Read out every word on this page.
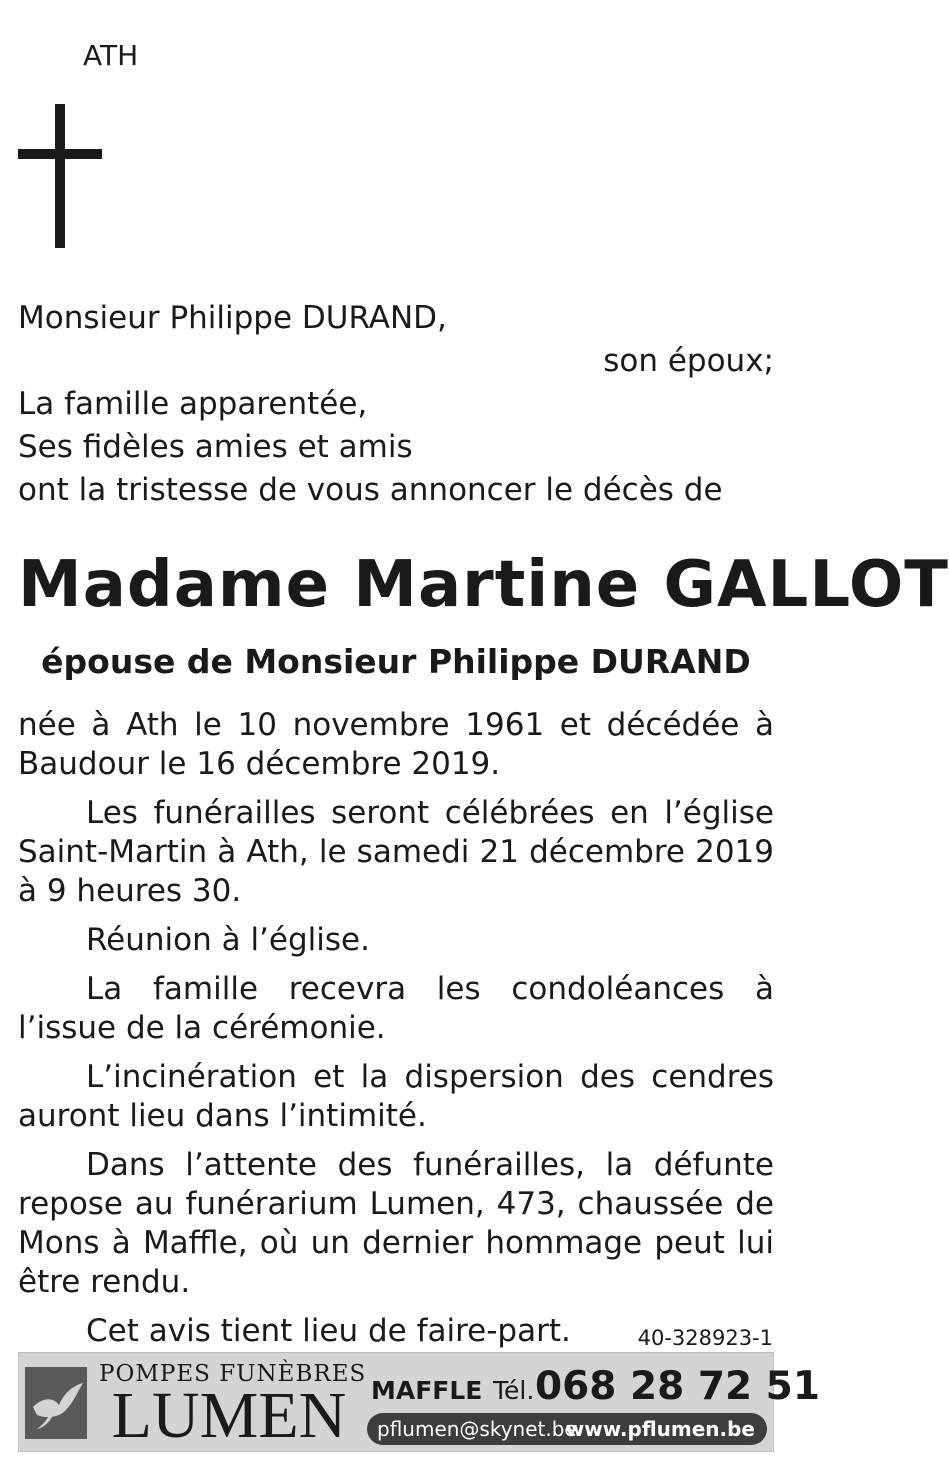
ATH
Monsieur Philippe DURAND,
son époux;
La famille apparentée,
Ses fidèles amies et amis
ont la tristesse de vous annoncer le décès de
Madame Martine GALLOT
épouse de Monsieur Philippe DURAND

née à Ath le 10 novembre 1961 et décédée à Baudour le 16 décembre 2019.

Les funérailles seront célébrées en l’église Saint-Martin à Ath, le samedi 21 décembre 2019 à 9 heures 30.

Réunion à l’église.

La famille recevra les condoléances à l’issue de la cérémonie.

L’incinération et la dispersion des cendres auront lieu dans l’intimité.

Dans l’attente des funérailles, la défunte repose au funérarium Lumen, 473, chaussée de Mons à Maffle, où un dernier hommage peut lui être rendu.

Cet avis tient lieu de faire-part.	40-328923-1
POMPES FUNÈBRES
LUMEN MAFFLE Tél. 068 28 72 51
pflumen@skynet.be
www.pflumen.be
